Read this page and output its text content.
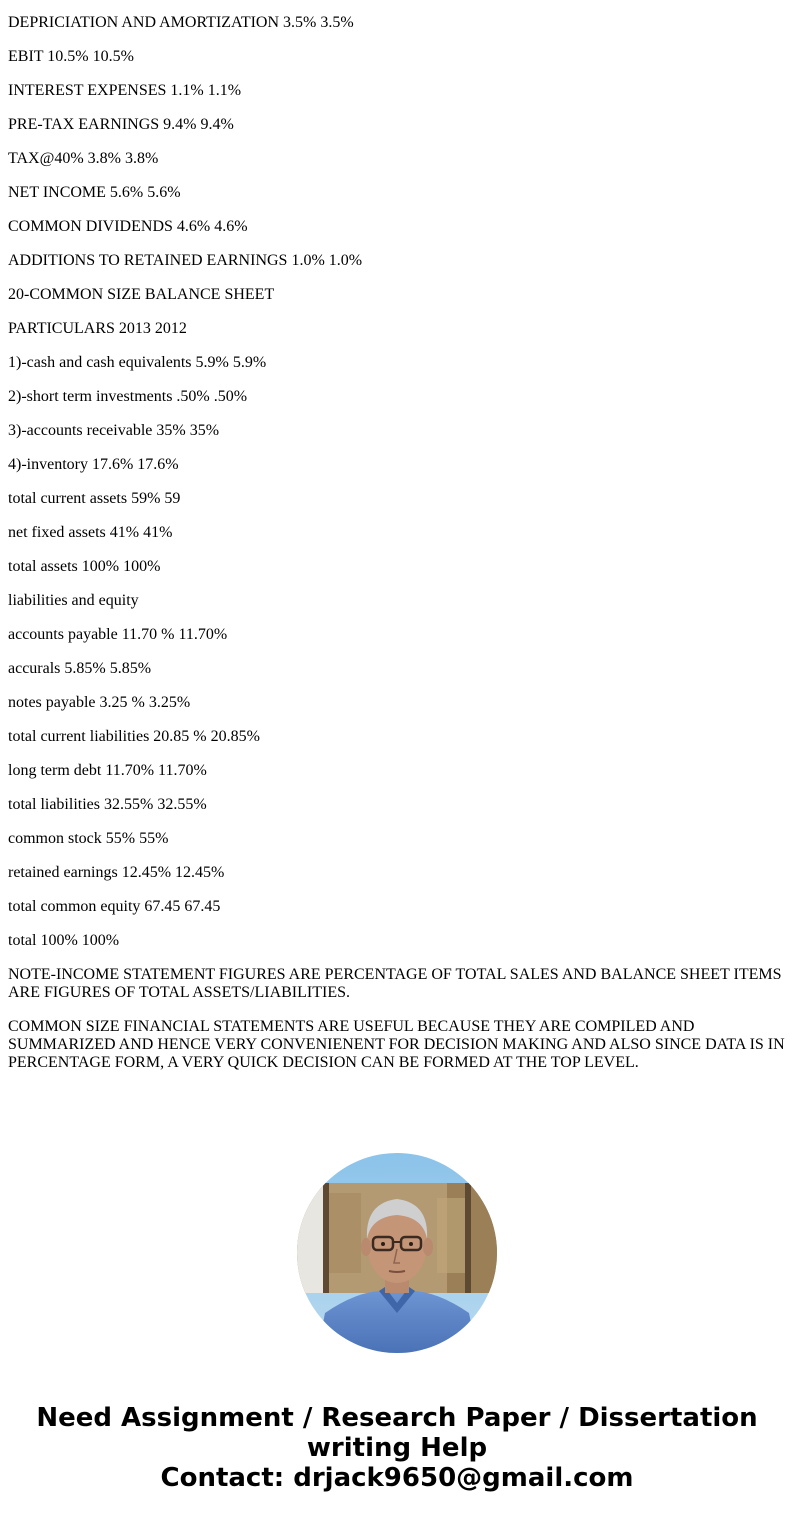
DEPRICIATION AND AMORTIZATION 3.5% 3.5%

EBIT 10.5% 10.5%

INTEREST EXPENSES 1.1% 1.1%

PRE-TAX EARNINGS 9.4% 9.4%

TAX@40% 3.8% 3.8%

NET INCOME 5.6% 5.6%

COMMON DIVIDENDS 4.6% 4.6%

ADDITIONS TO RETAINED EARNINGS 1.0% 1.0%

20-COMMON SIZE BALANCE SHEET

PARTICULARS 2013 2012

1)-cash and cash equivalents 5.9% 5.9%

2)-short term investments .50% .50%

3)-accounts receivable 35% 35%

4)-inventory 17.6% 17.6%

total current assets 59% 59

net fixed assets 41% 41%

total assets 100% 100%

liabilities and equity

accounts payable 11.70 % 11.70%

accurals 5.85% 5.85%

notes payable 3.25 % 3.25%

total current liabilities 20.85 % 20.85%

long term debt 11.70% 11.70%

total liabilities 32.55% 32.55%

common stock 55% 55%

retained earnings 12.45% 12.45%

total common equity 67.45 67.45

total 100% 100%

NOTE-INCOME STATEMENT FIGURES ARE PERCENTAGE OF TOTAL SALES AND BALANCE SHEET ITEMS ARE FIGURES OF TOTAL ASSETS/LIABILITIES.

COMMON SIZE FINANCIAL STATEMENTS ARE USEFUL BECAUSE THEY ARE COMPILED AND SUMMARIZED AND HENCE VERY CONVENIENENT FOR DECISION MAKING AND ALSO SINCE DATA IS IN PERCENTAGE FORM, A VERY QUICK DECISION CAN BE FORMED AT THE TOP LEVEL.

Need Assignment / Research Paper / Dissertation
writing Help
Contact: drjack9650@gmail.com
